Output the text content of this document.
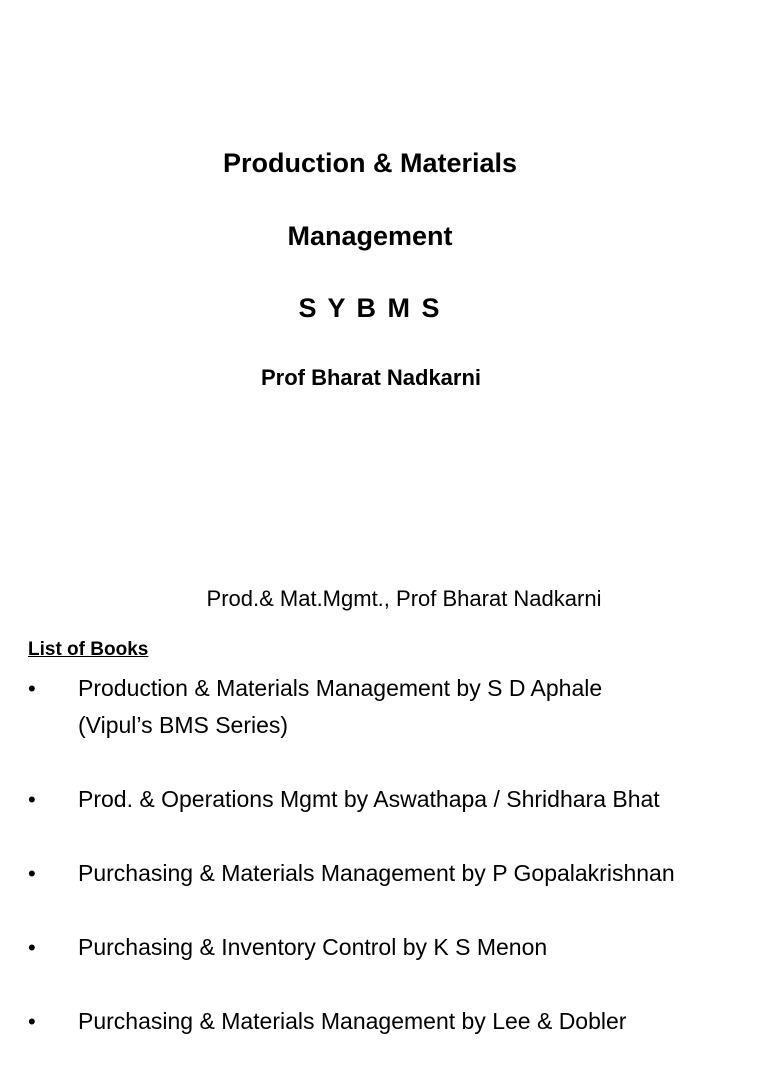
Production & Materials
Management
S Y B M S

Prof Bharat Nadkarni

Prod.& Mat.Mgmt., Prof Bharat Nadkarni

List of Books

• Production & Materials Management by S D Aphale
(Vipul’s BMS Series)
• Prod. & Operations Mgmt by Aswathapa / Shridhara Bhat
• Purchasing & Materials Management by P Gopalakrishnan
• Purchasing & Inventory Control by K S Menon
• Purchasing & Materials Management by Lee & Dobler
